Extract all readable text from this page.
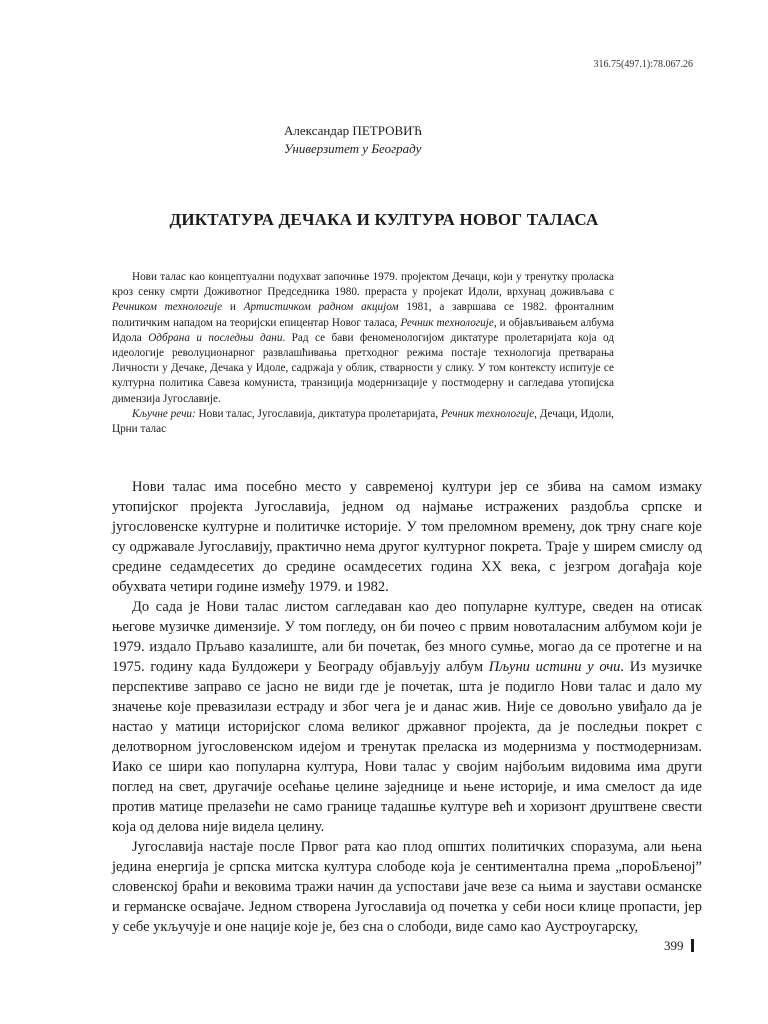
316.75(497.1):78.067.26
Александар ПЕТРОВИЋ
Универзитет у Београду
ДИКТАТУРА ДЕЧАКА И КУЛТУРА НОВОГ ТАЛАСА

Нови талас као концептуални подухват започиње 1979. пројектом Дечаци, који у тренутку проласка кроз сенку смрти Доживотног Председника 1980. прераста у пројекат Идоли, врхунац доживљава с Речником технологије и Артистичком радном акцијом 1981, а завршава се 1982. фронталним политичким нападом на теоријски епицентар Новог таласа, Речник технологије, и објављивањем албума Идола Одбрана и последњи дани. Рад се бави феноменологијом диктатуре пролетаријата која од идеологије револуционарног развлашћивања претходног режима постаје технологија претварања Личности у Дечаке, Дечака у Идоле, садржаја у облик, стварности у слику. У том контексту испитује се културна политика Савеза комуниста, транзиција модернизације у постмодерну и сагледава утопијска димензија Југославије.

Кључне речи: Нови талас, Југославија, диктатура пролетаријата, Речник технологије, Дечаци, Идоли, Црни талас

Нови талас има посебно место у савременој култури јер се збива на самом измаку утопијског пројекта Југославија, једном од најмање истражених раздобља српске и југословенске културне и политичке историје. У том преломном времену, док трну снаге које су одржавале Југославију, практично нема другог културног покрета. Траје у ширем смислу од средине седамдесетих до средине осамдесетих година XX века, с језгром догађаја које обухвата четири године између 1979. и 1982.

До сада је Нови талас листом сагледаван као део популарне културе, сведен на отисак његове музичке димензије. У том погледу, он би почео с првим новоталасним албумом који је 1979. издало Прљаво казалиште, али би почетак, без много сумње, могао да се протегне и на 1975. годину када Булдожери у Београду објављују албум Пљуни истини у очи. Из музичке перспективе заправо се јасно не види где је почетак, шта је подигло Нови талас и дало му значење које превазилази естраду и због чега је и данас жив. Није се довољно увиђало да је настао у матици историјског слома великог државног пројекта, да је последњи покрет с делотворном југословенском идејом и тренутак преласка из модернизма у постмодернизам. Иако се шири као популарна култура, Нови талас у својим најбољим видовима има други поглед на свет, другачије осећање целине заједнице и њене историје, и има смелост да иде против матице прелазећи не само границе тадашње културе већ и хоризонт друштвене свести која од делова није видела целину.

Југославија настаје после Првог рата као плод општих политичких споразума, али њена једина енергија је српска митска култура слободе која је сентиментална према „пороБљеној” словенској браћи и вековима тражи начин да успостави јаче везе са њима и заустави османске и германске освајаче. Једном створена Југославија од почетка у себи носи клице пропасти, јер у себе укључује и оне нације које је, без сна о слободи, виде само као Аустроугарску,

399
